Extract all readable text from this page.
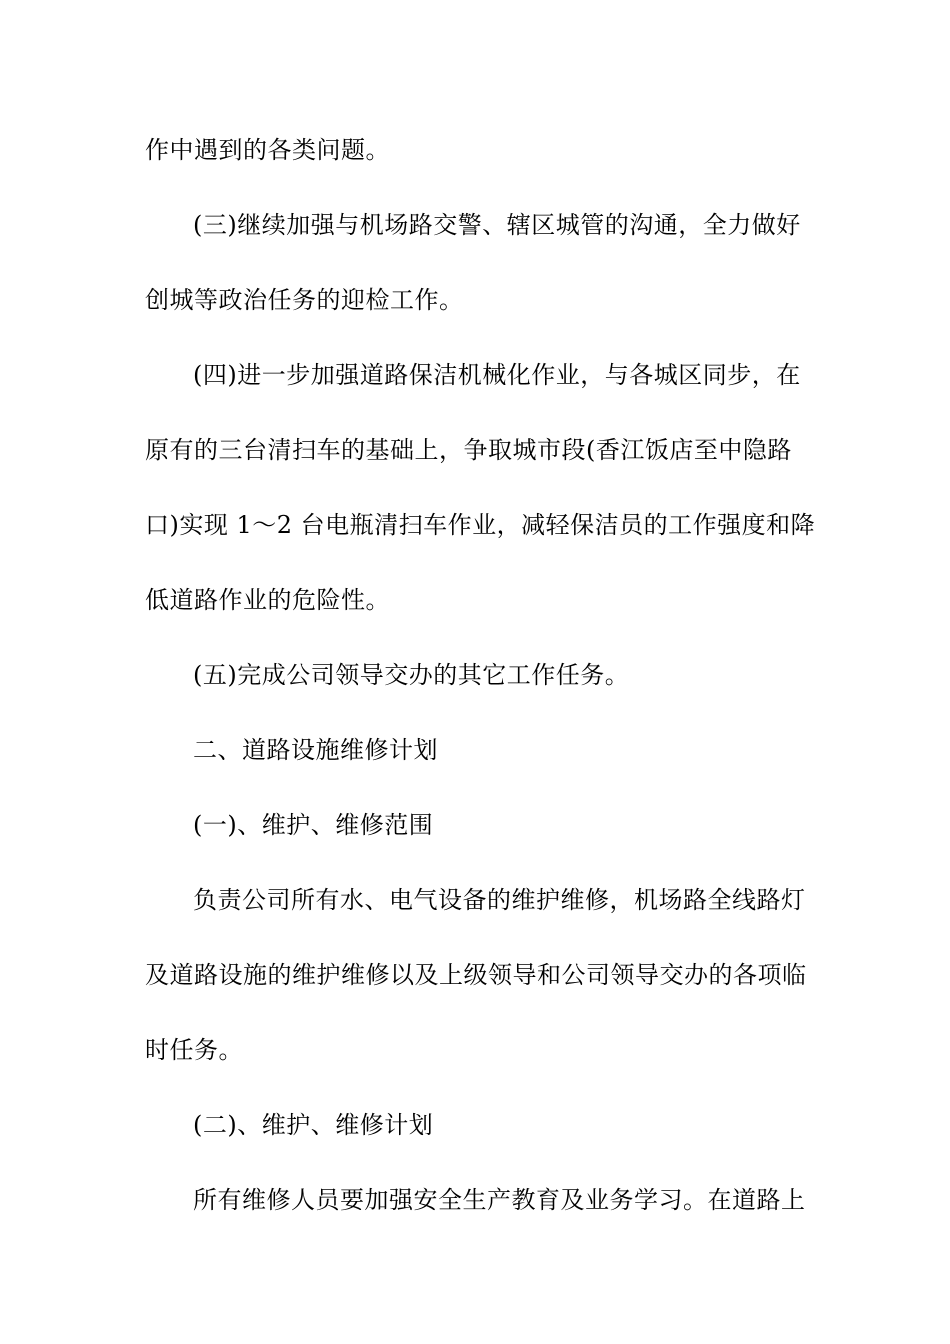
作中遇到的各类问题。
(三)继续加强与机场路交警、辖区城管的沟通，全力做好
创城等政治任务的迎检工作。
(四)进一步加强道路保洁机械化作业，与各城区同步，在
原有的三台清扫车的基础上，争取城市段(香江饭店至中隐路
口)实现 1～2 台电瓶清扫车作业，减轻保洁员的工作强度和降
低道路作业的危险性。
(五)完成公司领导交办的其它工作任务。
二、道路设施维修计划
(一)、维护、维修范围
负责公司所有水、电气设备的维护维修，机场路全线路灯
及道路设施的维护维修以及上级领导和公司领导交办的各项临
时任务。
(二)、维护、维修计划
所有维修人员要加强安全生产教育及业务学习。在道路上
